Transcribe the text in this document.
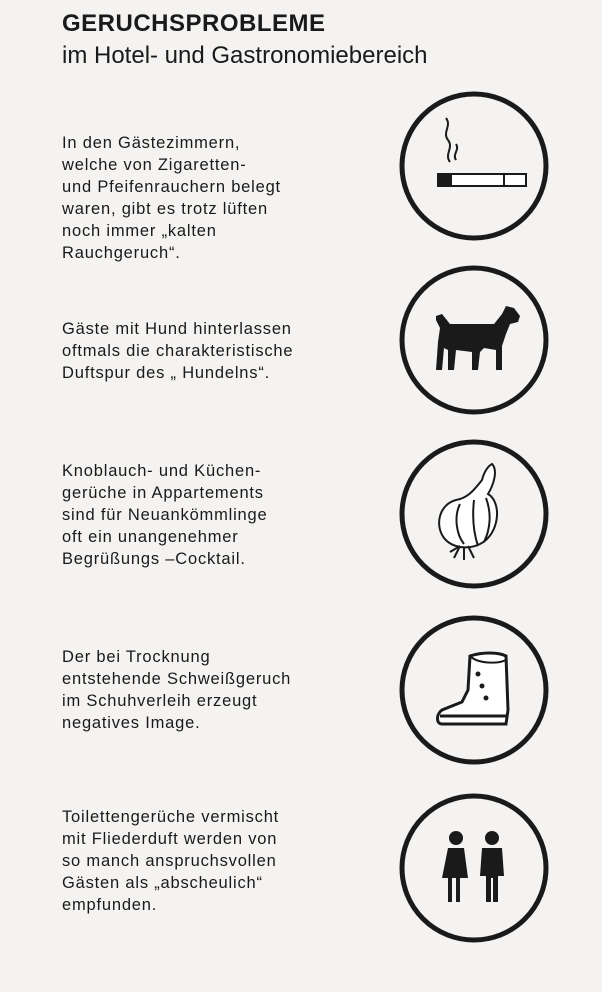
GERUCHSPROBLEME
im Hotel- und Gastronomiebereich
In den Gästezimmern,
welche von Zigaretten-
und Pfeifenrauchern belegt
waren, gibt es trotz lüften
noch immer „kalten
Rauchgeruch“.
Gäste mit Hund hinterlassen
oftmals die charakteristische
Duftspur des „ Hundelns“.
Knoblauch- und Küchen-
gerüche in Appartements
sind für Neuankömmlinge
oft ein unangenehmer
Begrüßungs –Cocktail.
Der bei Trocknung
entstehende Schweißgeruch
im Schuhverleih erzeugt
negatives Image.
Toilettengerüche vermischt
mit Fliederduft werden von
so manch anspruchsvollen
Gästen als „abscheulich“
empfunden.
